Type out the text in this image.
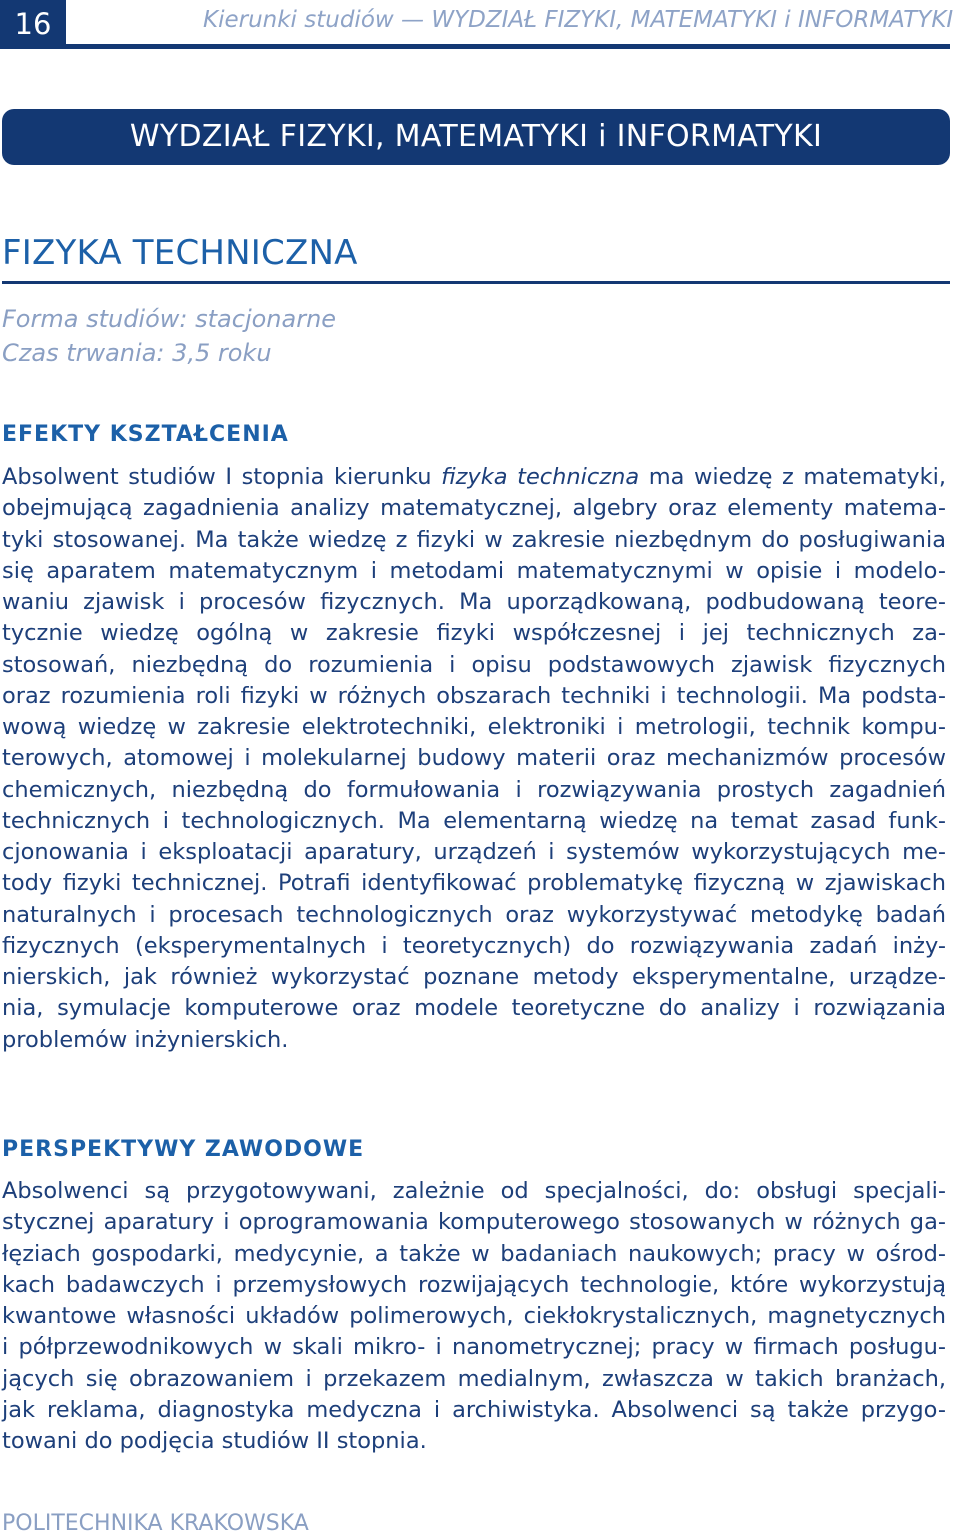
16	Kierunki studiów — WYDZIAŁ FIZYKI, MATEMATYKI i INFORMATYKI
WYDZIAŁ FIZYKI, MATEMATYKI i INFORMATYKI
FIZYKA TECHNICZNA
Forma studiów: stacjonarne
Czas trwania: 3,5 roku
EFEKTY KSZTAŁCENIA
Absolwent studiów I stopnia kierunku fizyka techniczna ma wiedzę z matematyki,
obejmującą zagadnienia analizy matematycznej, algebry oraz elementy matema-
tyki stosowanej. Ma także wiedzę z fizyki w zakresie niezbędnym do posługiwania
się aparatem matematycznym i metodami matematycznymi w opisie i modelo-
waniu zjawisk i procesów fizycznych. Ma uporządkowaną, podbudowaną teore-
tycznie wiedzę ogólną w zakresie fizyki współczesnej i jej technicznych za-
stosowań, niezbędną do rozumienia i opisu podstawowych zjawisk fizycznych
oraz rozumienia roli fizyki w różnych obszarach techniki i technologii. Ma podsta-
wową wiedzę w zakresie elektrotechniki, elektroniki i metrologii, technik kompu-
terowych, atomowej i molekularnej budowy materii oraz mechanizmów procesów
chemicznych, niezbędną do formułowania i rozwiązywania prostych zagadnień
technicznych i technologicznych. Ma elementarną wiedzę na temat zasad funk-
cjonowania i eksploatacji aparatury, urządzeń i systemów wykorzystujących me-
tody fizyki technicznej. Potrafi identyfikować problematykę fizyczną w zjawiskach
naturalnych i procesach technologicznych oraz wykorzystywać metodykę badań
fizycznych (eksperymentalnych i teoretycznych) do rozwiązywania zadań inży-
nierskich, jak również wykorzystać poznane metody eksperymentalne, urządze-
nia, symulacje komputerowe oraz modele teoretyczne do analizy i rozwiązania
problemów inżynierskich.
PERSPEKTYWY ZAWODOWE
Absolwenci są przygotowywani, zależnie od specjalności, do: obsługi specjali-
stycznej aparatury i oprogramowania komputerowego stosowanych w różnych ga-
łęziach gospodarki, medycynie, a także w badaniach naukowych; pracy w ośrod-
kach badawczych i przemysłowych rozwijających technologie, które wykorzystują
kwantowe własności układów polimerowych, ciekłokrystalicznych, magnetycznych
i półprzewodnikowych w skali mikro- i nanometrycznej; pracy w firmach posługu-
jących się obrazowaniem i przekazem medialnym, zwłaszcza w takich branżach,
jak reklama, diagnostyka medyczna i archiwistyka. Absolwenci są także przygo-
towani do podjęcia studiów II stopnia.
POLITECHNIKA KRAKOWSKA
